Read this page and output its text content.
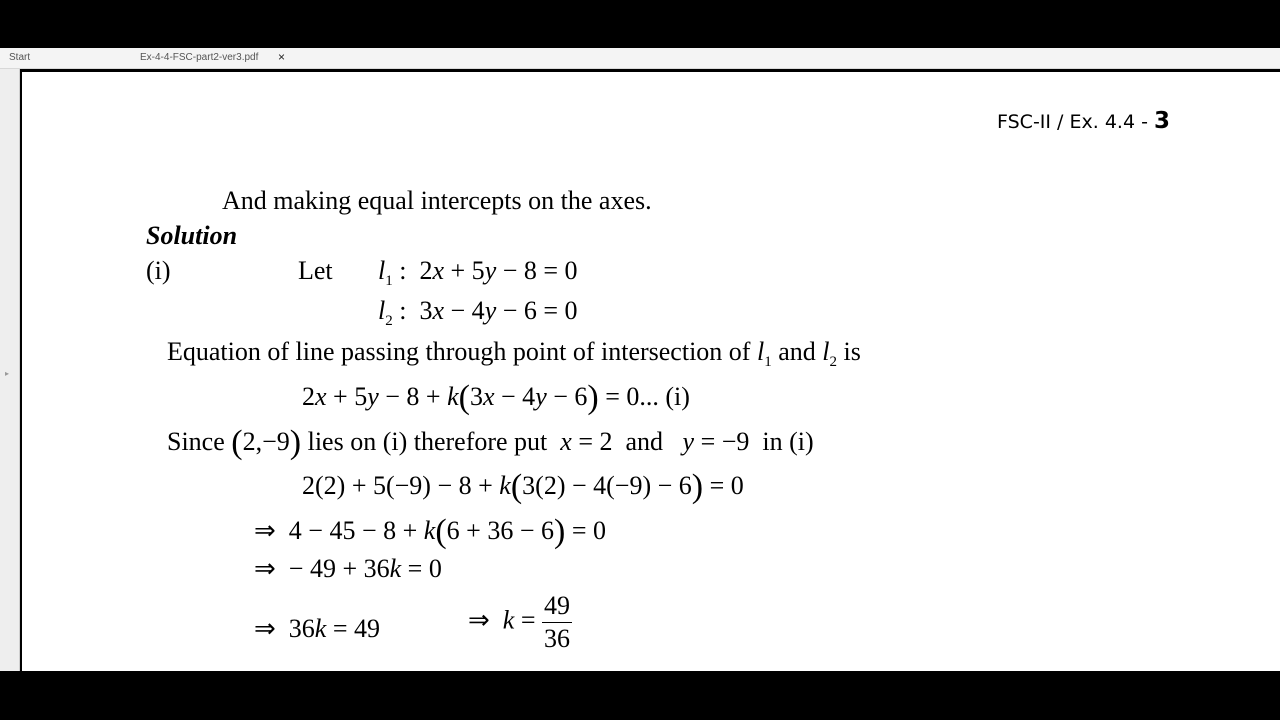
Start	Ex-4-4-FSC-part2-ver3.pdf ×
▸
FSC-II / Ex. 4.4 - 3
And making equal intercepts on the axes.
Solution
(i)	Let $l_1$ :  2x + 5y − 8 = 0
$l_2$ :  3x − 4y − 6 = 0
Equation of line passing through point of intersection of $l_1$ and $l_2$ is
2x + 5y − 8 + k(3x − 4y − 6) = 0... (i)
Since (2,−9) lies on (i) therefore put  x = 2  and   y = −9  in (i)
2(2) + 5(−9) − 8 + k(3(2) − 4(−9) − 6) = 0
⇒  4 − 45 − 8 + k(6 + 36 − 6) = 0
⇒  − 49 + 36k = 0
⇒  36k = 49	⇒  $k = \frac{49}{36}$
